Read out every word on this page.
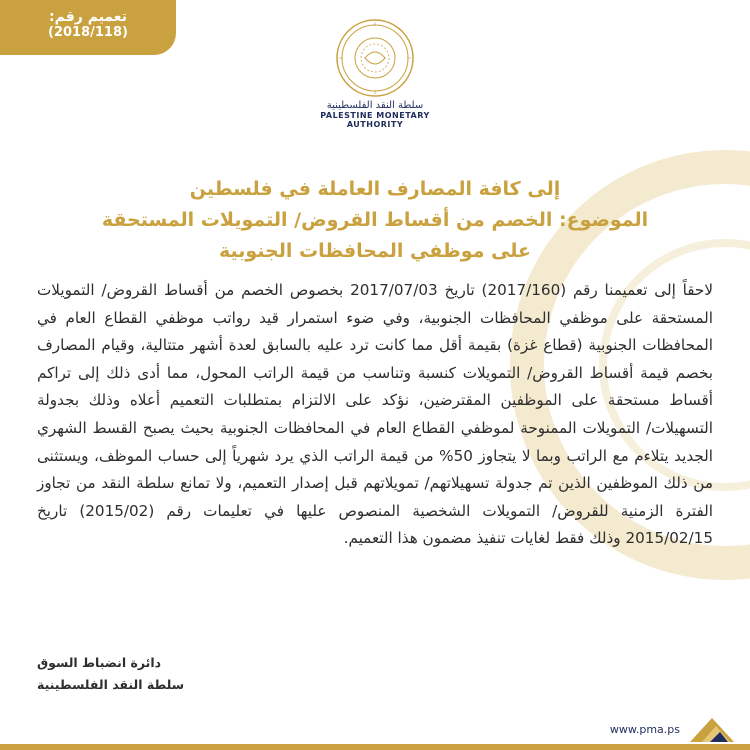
تعميم رقم:
(2018/118)
سلطة النقد الفلسطينية
PALESTINE MONETARY AUTHORITY
إلى كافة المصارف العاملة في فلسطين
الموضوع: الخصم من أقساط القروض/ التمويلات المستحقة
على موظفي المحافظات الجنوبية
لاحقاً إلى تعميمنا رقم (2017/160) تاريخ 2017/07/03 بخصوص الخصم من أقساط القروض/ التمويلات المستحقة على موظفي المحافظات الجنوبية، وفي ضوء استمرار قيد رواتب موظفي القطاع العام في المحافظات الجنوبية (قطاع غزة) بقيمة أقل مما كانت ترد عليه بالسابق لعدة أشهر متتالية، وقيام المصارف بخصم قيمة أقساط القروض/ التمويلات كنسبة وتناسب من قيمة الراتب المحول، مما أدى ذلك إلى تراكم أقساط مستحقة على الموظفين المقترضين، نؤكد على الالتزام بمتطلبات التعميم أعلاه وذلك بجدولة التسهيلات/ التمويلات الممنوحة لموظفي القطاع العام في المحافظات الجنوبية بحيث يصبح القسط الشهري الجديد يتلاءم مع الراتب وبما لا يتجاوز 50% من قيمة الراتب الذي يرد شهرياً إلى حساب الموظف، ويستثنى من ذلك الموظفين الذين تم جدولة تسهيلاتهم/ تمويلاتهم قبل إصدار التعميم، ولا تمانع سلطة النقد من تجاوز الفترة الزمنية للقروض/ التمويلات الشخصية المنصوص عليها في تعليمات رقم (2015/02) تاريخ 2015/02/15 وذلك فقط لغايات تنفيذ مضمون هذا التعميم.
دائرة انضباط السوق
سلطة النقد الفلسطينية
www.pma.ps
